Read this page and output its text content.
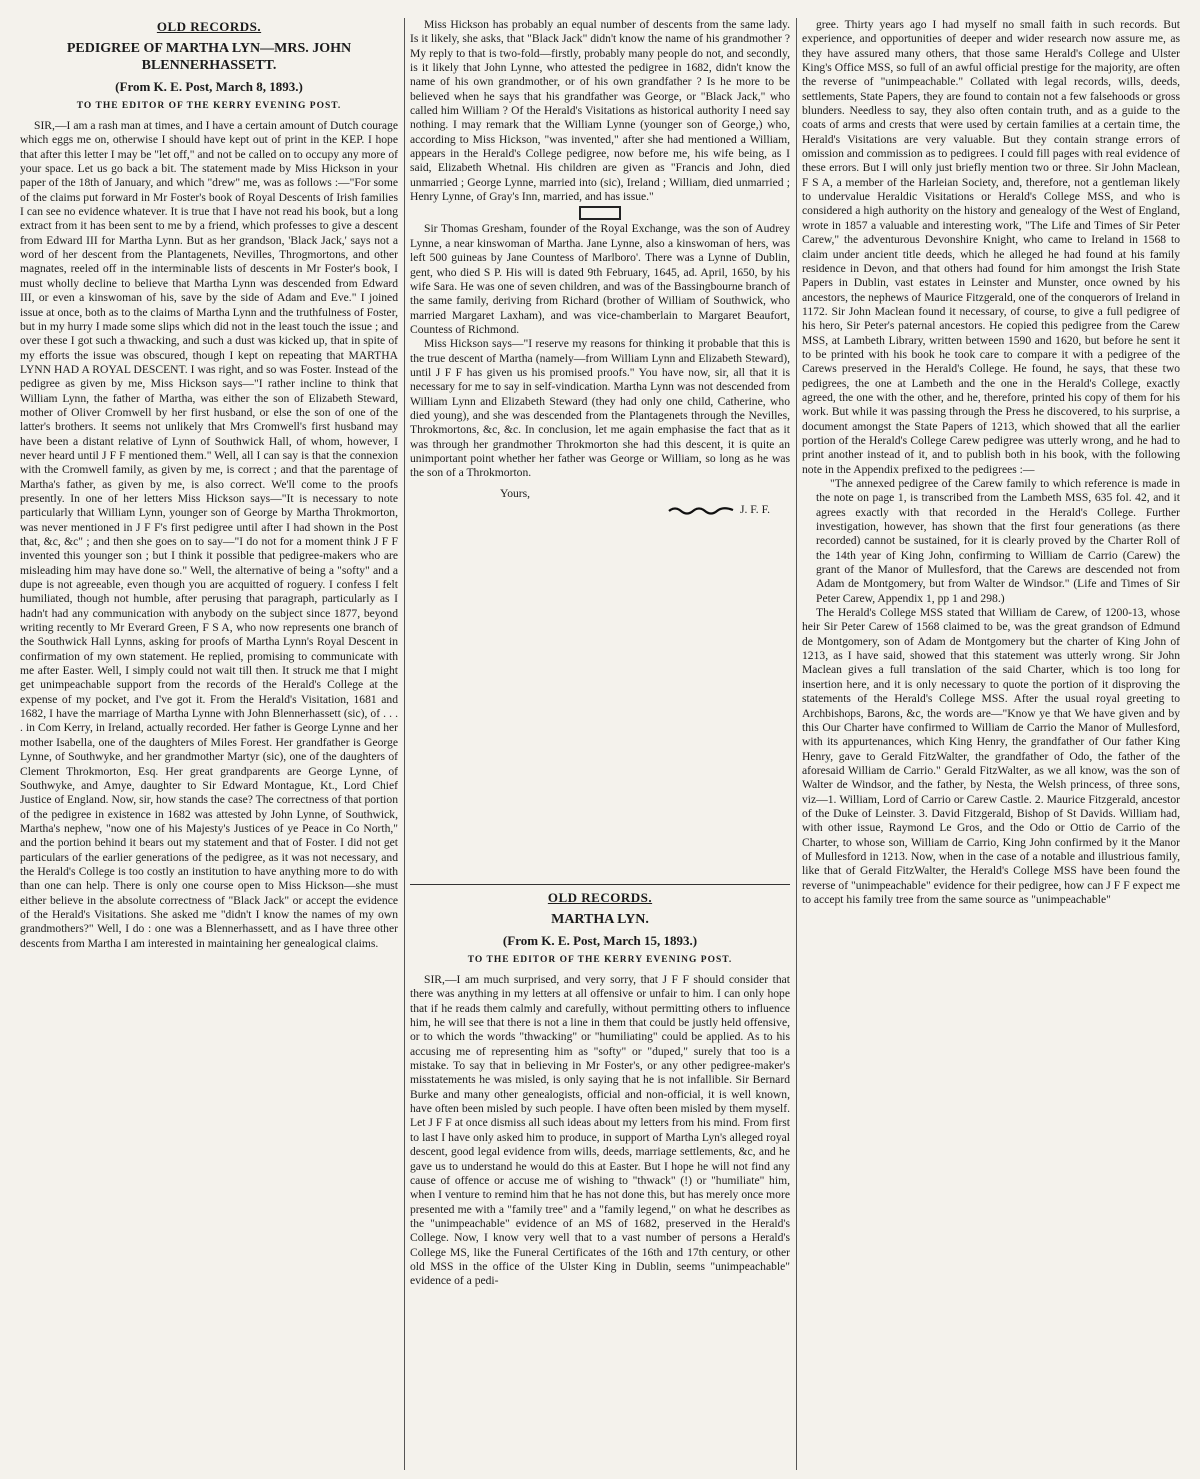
OLD RECORDS.
PEDIGREE OF MARTHA LYN—MRS. JOHN BLENNERHASSETT.
(From K. E. Post, March 8, 1893.)
TO THE EDITOR OF THE KERRY EVENING POST.

SIR,—I am a rash man at times, and I have a certain amount of Dutch courage which eggs me on, otherwise I should have kept out of print in the KEP. I hope that after this letter I may be "let off," and not be called on to occupy any more of your space. Let us go back a bit. The statement made by Miss Hickson in your paper of the 18th of January, and which "drew" me, was as follows :—"For some of the claims put forward in Mr Foster's book of Royal Descents of Irish families I can see no evidence whatever. It is true that I have not read his book, but a long extract from it has been sent to me by a friend, which professes to give a descent from Edward III for Martha Lynn. But as her grandson, 'Black Jack,' says not a word of her descent from the Plantagenets, Nevilles, Throgmortons, and other magnates, reeled off in the interminable lists of descents in Mr Foster's book, I must wholly decline to believe that Martha Lynn was descended from Edward III, or even a kinswoman of his, save by the side of Adam and Eve." I joined issue at once, both as to the claims of Martha Lynn and the truthfulness of Foster, but in my hurry I made some slips which did not in the least touch the issue ; and over these I got such a thwacking, and such a dust was kicked up, that in spite of my efforts the issue was obscured, though I kept on repeating that MARTHA LYNN HAD A ROYAL DESCENT. I was right, and so was Foster. Instead of the pedigree as given by me, Miss Hickson says—"I rather incline to think that William Lynn, the father of Martha, was either the son of Elizabeth Steward, mother of Oliver Cromwell by her first husband, or else the son of one of the latter's brothers. It seems not unlikely that Mrs Cromwell's first husband may have been a distant relative of Lynn of Southwick Hall, of whom, however, I never heard until J F F mentioned them." Well, all I can say is that the connexion with the Cromwell family, as given by me, is correct ; and that the parentage of Martha's father, as given by me, is also correct. We'll come to the proofs presently. In one of her letters Miss Hickson says—"It is necessary to note particularly that William Lynn, younger son of George by Martha Throkmorton, was never mentioned in J F F's first pedigree until after I had shown in the Post that, &c, &c" ; and then she goes on to say—"I do not for a moment think J F F invented this younger son ; but I think it possible that pedigree-makers who are misleading him may have done so." Well, the alternative of being a "softy" and a dupe is not agreeable, even though you are acquitted of roguery. I confess I felt humiliated, though not humble, after perusing that paragraph, particularly as I hadn't had any communication with anybody on the subject since 1877, beyond writing recently to Mr Everard Green, F S A, who now represents one branch of the Southwick Hall Lynns, asking for proofs of Martha Lynn's Royal Descent in confirmation of my own statement. He replied, promising to communicate with me after Easter. Well, I simply could not wait till then. It struck me that I might get unimpeachable support from the records of the Herald's College at the expense of my pocket, and I've got it. From the Herald's Visitation, 1681 and 1682, I have the marriage of Martha Lynne with John Blennerhassett (sic), of . . . . in Com Kerry, in Ireland, actually recorded. Her father is George Lynne and her mother Isabella, one of the daughters of Miles Forest. Her grandfather is George Lynne, of Southwyke, and her grandmother Martyr (sic), one of the daughters of Clement Throkmorton, Esq. Her great grandparents are George Lynne, of Southwyke, and Amye, daughter to Sir Edward Montague, Kt., Lord Chief Justice of England. Now, sir, how stands the case? The correctness of that portion of the pedigree in existence in 1682 was attested by John Lynne, of Southwick, Martha's nephew, "now one of his Majesty's Justices of ye Peace in Co North," and the portion behind it bears out my statement and that of Foster. I did not get particulars of the earlier generations of the pedigree, as it was not necessary, and the Herald's College is too costly an institution to have anything more to do with than one can help. There is only one course open to Miss Hickson—she must either believe in the absolute correctness of "Black Jack" or accept the evidence of the Herald's Visitations. She asked me "didn't I know the names of my own grandmothers?" Well, I do : one was a Blennerhassett, and as I have three other descents from Martha I am interested in maintaining her genealogical claims.

Miss Hickson has probably an equal number of descents from the same lady. Is it likely, she asks, that "Black Jack" didn't know the name of his grandmother ? My reply to that is two-fold—firstly, probably many people do not, and secondly, is it likely that John Lynne, who attested the pedigree in 1682, didn't know the name of his own grandmother, or of his own grandfather ? Is he more to be believed when he says that his grandfather was George, or "Black Jack," who called him William ? Of the Herald's Visitations as historical authority I need say nothing. I may remark that the William Lynne (younger son of George,) who, according to Miss Hickson, "was invented," after she had mentioned a William, appears in the Herald's College pedigree, now before me, his wife being, as I said, Elizabeth Whetnal. His children are given as "Francis and John, died unmarried ; George Lynne, married into (sic), Ireland ; William, died unmarried ; Henry Lynne, of Gray's Inn, married, and has issue."

Sir Thomas Gresham, founder of the Royal Exchange, was the son of Audrey Lynne, a near kinswoman of Martha. Jane Lynne, also a kinswoman of hers, was left 500 guineas by Jane Countess of Marlboro'. There was a Lynne of Dublin, gent, who died S P. His will is dated 9th February, 1645, ad. April, 1650, by his wife Sara. He was one of seven children, and was of the Bassingbourne branch of the same family, deriving from Richard (brother of William of Southwick, who married Margaret Laxham), and was vice-chamberlain to Margaret Beaufort, Countess of Richmond.

Miss Hickson says—"I reserve my reasons for thinking it probable that this is the true descent of Martha (namely—from William Lynn and Elizabeth Steward), until J F F has given us his promised proofs." You have now, sir, all that it is necessary for me to say in self-vindication. Martha Lynn was not descended from William Lynn and Elizabeth Steward (they had only one child, Catherine, who died young), and she was descended from the Plantagenets through the Nevilles, Throkmortons, &c, &c. In conclusion, let me again emphasise the fact that as it was through her grandmother Throkmorton she had this descent, it is quite an unimportant point whether her father was George or William, so long as he was the son of a Throkmorton.

Yours,
J. F. F.
OLD RECORDS.
MARTHA LYN.
(From K. E. Post, March 15, 1893.)
TO THE EDITOR OF THE KERRY EVENING POST.

SIR,—I am much surprised, and very sorry, that J F F should consider that there was anything in my letters at all offensive or unfair to him. I can only hope that if he reads them calmly and carefully, without permitting others to influence him, he will see that there is not a line in them that could be justly held offensive, or to which the words "thwacking" or "humiliating" could be applied. As to his accusing me of representing him as "softy" or "duped," surely that too is a mistake. To say that in believing in Mr Foster's, or any other pedigree-maker's misstatements he was misled, is only saying that he is not infallible. Sir Bernard Burke and many other genealogists, official and non-official, it is well known, have often been misled by such people. I have often been misled by them myself. Let J F F at once dismiss all such ideas about my letters from his mind. From first to last I have only asked him to produce, in support of Martha Lyn's alleged royal descent, good legal evidence from wills, deeds, marriage settlements, &c, and he gave us to understand he would do this at Easter. But I hope he will not find any cause of offence or accuse me of wishing to "thwack" (!) or "humiliate" him, when I venture to remind him that he has not done this, but has merely once more presented me with a "family tree" and a "family legend," on what he describes as the "unimpeachable" evidence of an MS of 1682, preserved in the Herald's College. Now, I know very well that to a vast number of persons a Herald's College MS, like the Funeral Certificates of the 16th and 17th century, or other old MSS in the office of the Ulster King in Dublin, seems "unimpeachable" evidence of a pedi-

gree. Thirty years ago I had myself no small faith in such records. But experience, and opportunities of deeper and wider research now assure me, as they have assured many others, that those same Herald's College and Ulster King's Office MSS, so full of an awful official prestige for the majority, are often the reverse of "unimpeachable." Collated with legal records, wills, deeds, settlements, State Papers, they are found to contain not a few falsehoods or gross blunders. Needless to say, they also often contain truth, and as a guide to the coats of arms and crests that were used by certain families at a certain time, the Herald's Visitations are very valuable. But they contain strange errors of omission and commission as to pedigrees. I could fill pages with real evidence of these errors. But I will only just briefly mention two or three. Sir John Maclean, F S A, a member of the Harleian Society, and, therefore, not a gentleman likely to undervalue Heraldic Visitations or Herald's College MSS, and who is considered a high authority on the history and genealogy of the West of England, wrote in 1857 a valuable and interesting work, "The Life and Times of Sir Peter Carew," the adventurous Devonshire Knight, who came to Ireland in 1568 to claim under ancient title deeds, which he alleged he had found at his family residence in Devon, and that others had found for him amongst the Irish State Papers in Dublin, vast estates in Leinster and Munster, once owned by his ancestors, the nephews of Maurice Fitzgerald, one of the conquerors of Ireland in 1172. Sir John Maclean found it necessary, of course, to give a full pedigree of his hero, Sir Peter's paternal ancestors. He copied this pedigree from the Carew MSS, at Lambeth Library, written between 1590 and 1620, but before he sent it to be printed with his book he took care to compare it with a pedigree of the Carews preserved in the Herald's College. He found, he says, that these two pedigrees, the one at Lambeth and the one in the Herald's College, exactly agreed, the one with the other, and he, therefore, printed his copy of them for his work. But while it was passing through the Press he discovered, to his surprise, a document amongst the State Papers of 1213, which showed that all the earlier portion of the Herald's College Carew pedigree was utterly wrong, and he had to print another instead of it, and to publish both in his book, with the following note in the Appendix prefixed to the pedigrees :—

"The annexed pedigree of the Carew family to which reference is made in the note on page 1, is transcribed from the Lambeth MSS, 635 fol. 42, and it agrees exactly with that recorded in the Herald's College. Further investigation, however, has shown that the first four generations (as there recorded) cannot be sustained, for it is clearly proved by the Charter Roll of the 14th year of King John, confirming to William de Carrio (Carew) the grant of the Manor of Mullesford, that the Carews are descended not from Adam de Montgomery, but from Walter de Windsor." (Life and Times of Sir Peter Carew, Appendix 1, pp 1 and 298.)

The Herald's College MSS stated that William de Carew, of 1200-13, whose heir Sir Peter Carew of 1568 claimed to be, was the great grandson of Edmund de Montgomery, son of Adam de Montgomery but the charter of King John of 1213, as I have said, showed that this statement was utterly wrong. Sir John Maclean gives a full translation of the said Charter, which is too long for insertion here, and it is only necessary to quote the portion of it disproving the statements of the Herald's College MSS. After the usual royal greeting to Archbishops, Barons, &c, the words are—"Know ye that We have given and by this Our Charter have confirmed to William de Carrio the Manor of Mullesford, with its appurtenances, which King Henry, the grandfather of Our father King Henry, gave to Gerald FitzWalter, the grandfather of Odo, the father of the aforesaid William de Carrio." Gerald FitzWalter, as we all know, was the son of Walter de Windsor, and the father, by Nesta, the Welsh princess, of three sons, viz—1. William, Lord of Carrio or Carew Castle. 2. Maurice Fitzgerald, ancestor of the Duke of Leinster. 3. David Fitzgerald, Bishop of St Davids. William had, with other issue, Raymond Le Gros, and the Odo or Ottio de Carrio of the Charter, to whose son, William de Carrio, King John confirmed by it the Manor of Mullesford in 1213. Now, when in the case of a notable and illustrious family, like that of Gerald FitzWalter, the Herald's College MSS have been found the reverse of "unimpeachable" evidence for their pedigree, how can J F F expect me to accept his family tree from the same source as "unimpeachable"
